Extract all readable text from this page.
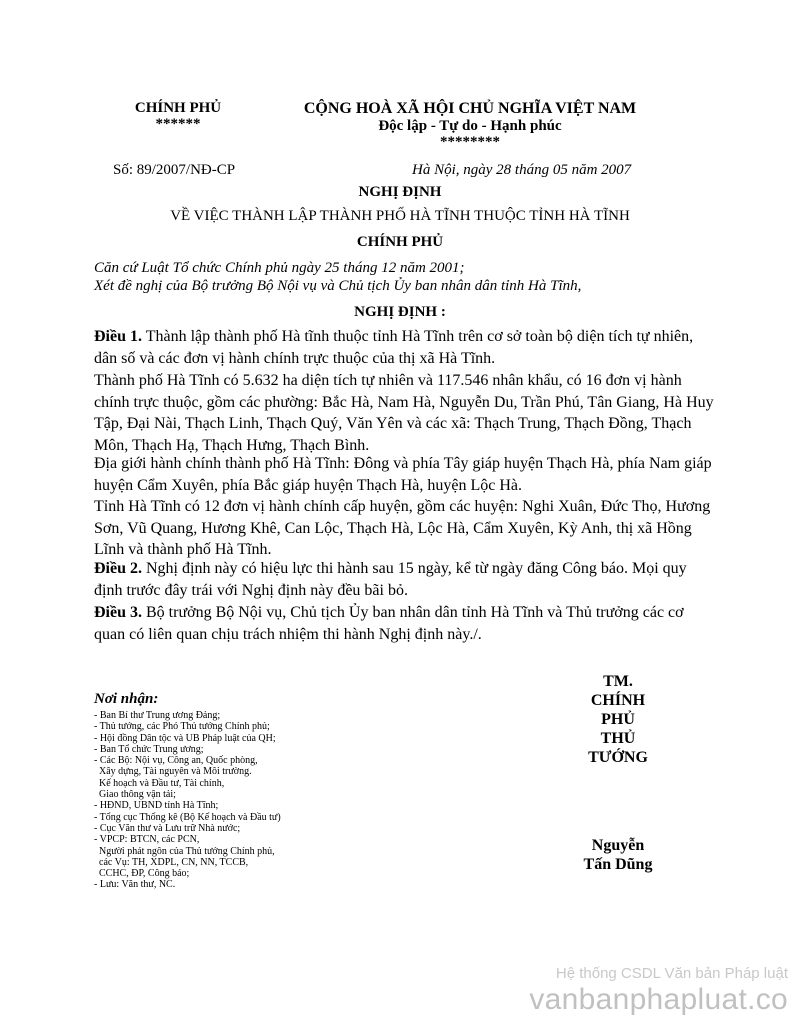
CHÍNH PHỦ
******
CỘNG HOÀ XÃ HỘI CHỦ NGHĨA VIỆT NAM
Độc lập - Tự do - Hạnh phúc
********
Số: 89/2007/NĐ-CP	Hà Nội, ngày 28 tháng 05 năm 2007
NGHỊ ĐỊNH
VỀ VIỆC THÀNH LẬP THÀNH PHỐ HÀ TĨNH THUỘC TỈNH HÀ TĨNH
CHÍNH PHỦ
Căn cứ Luật Tổ chức Chính phủ ngày 25 tháng 12 năm 2001;
Xét đề nghị của Bộ trưởng Bộ Nội vụ và Chủ tịch Ủy ban nhân dân tỉnh Hà Tĩnh,
NGHỊ ĐỊNH :
Điều 1. Thành lập thành phố Hà tĩnh thuộc tỉnh Hà Tĩnh trên cơ sở toàn bộ diện tích tự nhiên, dân số và các đơn vị hành chính trực thuộc của thị xã Hà Tĩnh.
Thành phố Hà Tĩnh có 5.632 ha diện tích tự nhiên và 117.546 nhân khẩu, có 16 đơn vị hành chính trực thuộc, gồm các phường: Bắc Hà, Nam Hà, Nguyễn Du, Trần Phú, Tân Giang, Hà Huy Tập, Đại Nài, Thạch Linh, Thạch Quý, Văn Yên và các xã: Thạch Trung, Thạch Đồng, Thạch Môn, Thạch Hạ, Thạch Hưng, Thạch Bình.
Địa giới hành chính thành phố Hà Tĩnh: Đông và phía Tây giáp huyện Thạch Hà, phía Nam giáp huyện Cẩm Xuyên, phía Bắc giáp huyện Thạch Hà, huyện Lộc Hà.
Tỉnh Hà Tĩnh có 12 đơn vị hành chính cấp huyện, gồm các huyện: Nghi Xuân, Đức Thọ, Hương Sơn, Vũ Quang, Hương Khê, Can Lộc, Thạch Hà, Lộc Hà, Cẩm Xuyên, Kỳ Anh, thị xã Hồng Lĩnh và thành phố Hà Tĩnh.
Điều 2. Nghị định này có hiệu lực thi hành sau 15 ngày, kể từ ngày đăng Công báo. Mọi quy định trước đây trái với Nghị định này đều bãi bỏ.
Điều 3. Bộ trưởng Bộ Nội vụ, Chủ tịch Ủy ban nhân dân tỉnh Hà Tĩnh và Thủ trưởng các cơ quan có liên quan chịu trách nhiệm thi hành Nghị định này./.
Nơi nhận:
- Ban Bí thư Trung ương Đảng;
- Thủ tướng, các Phó Thủ tướng Chính phủ;
- Hội đồng Dân tộc và UB Pháp luật của QH;
- Ban Tổ chức Trung ương;
- Các Bộ: Nội vụ, Công an, Quốc phòng,
Xây dựng, Tài nguyên và Môi trường.
Kế hoạch và Đầu tư, Tài chính,
Giao thông vận tải;
- HĐND, UBND tỉnh Hà Tĩnh;
- Tổng cục Thống kê (Bộ Kế hoạch và Đầu tư)
- Cục Văn thư và Lưu trữ Nhà nước;
- VPCP: BTCN, các PCN,
Người phát ngôn của Thủ tướng Chính phủ,
các Vụ: TH, XDPL, CN, NN, TCCB,
CCHC, ĐP, Công báo;
- Lưu: Văn thư, NC.
TM.
CHÍNH
PHỦ
THỦ
TƯỚNG
Nguyễn
Tấn Dũng
Hệ thống CSDL Văn bản Pháp luật
vanbanphapluat.co
